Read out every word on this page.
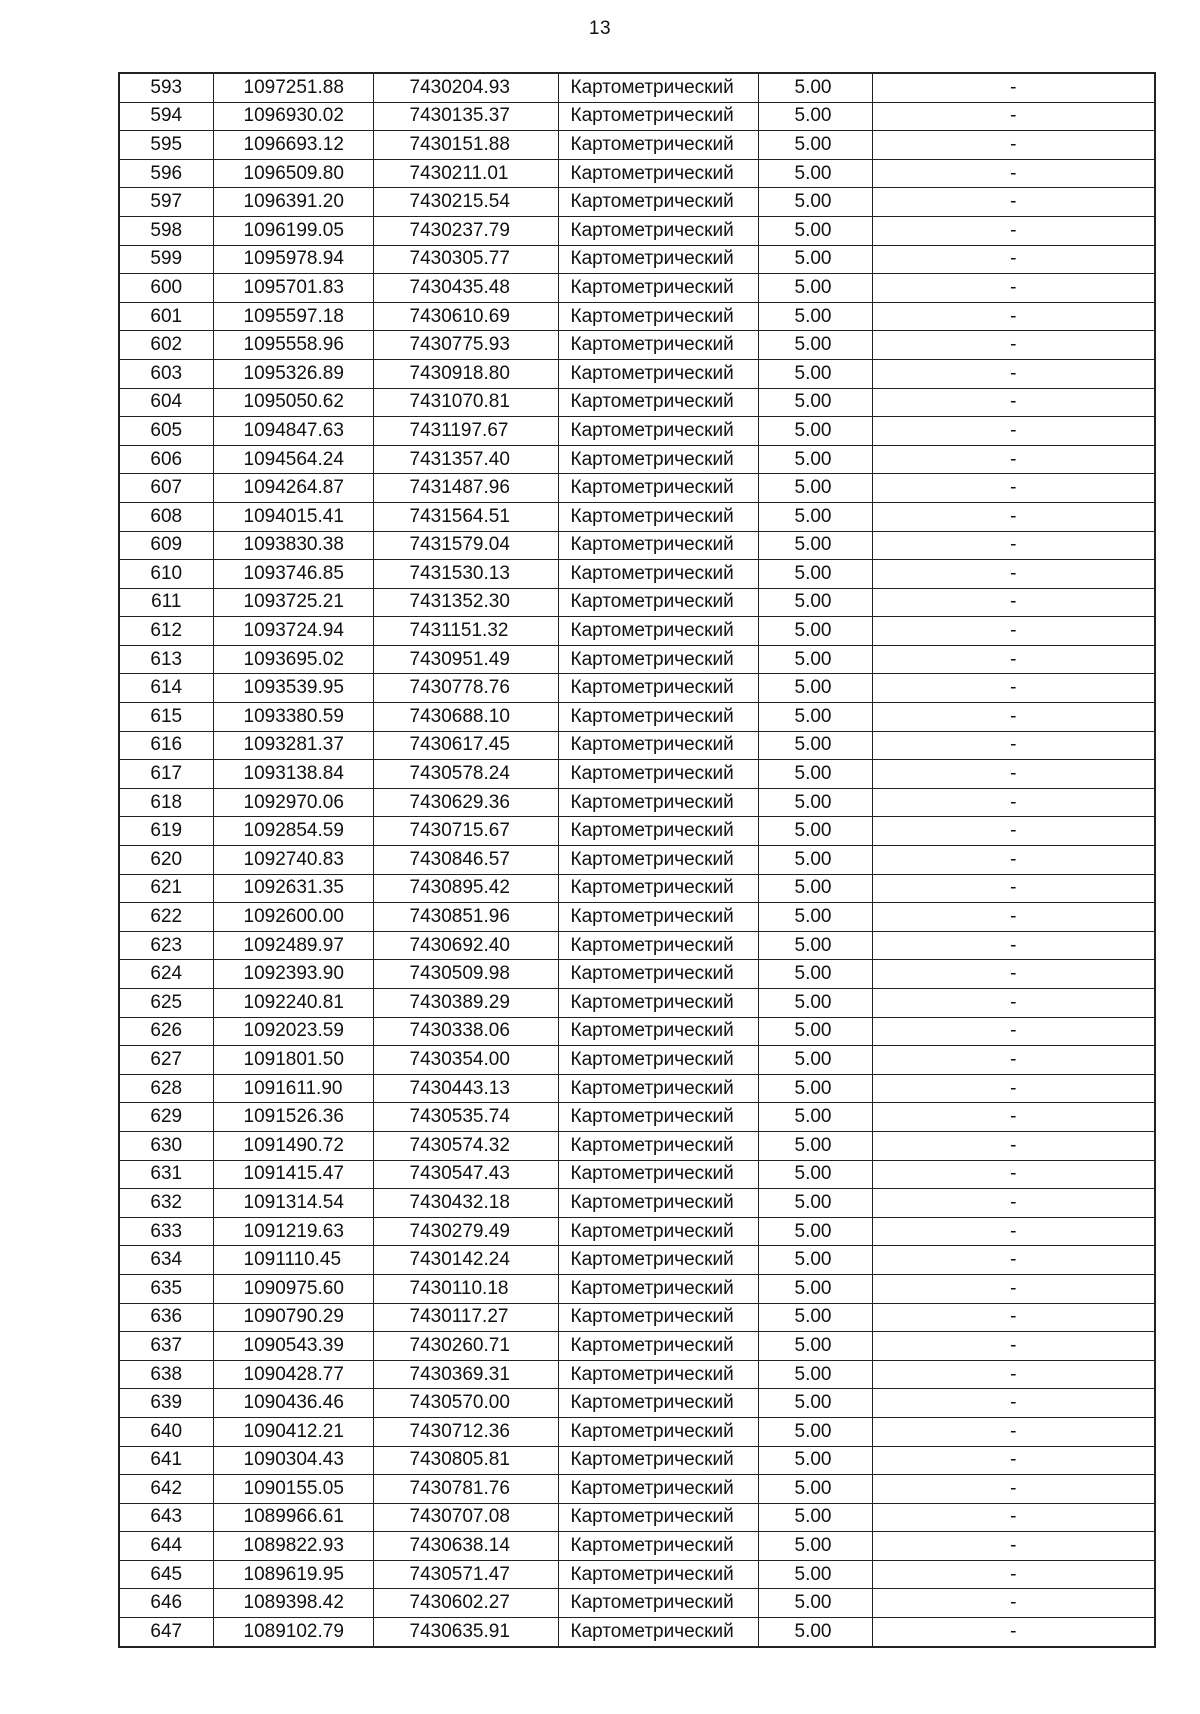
13
593	1097251.88	7430204.93	Картометрический	5.00	-
594	1096930.02	7430135.37	Картометрический	5.00	-
595	1096693.12	7430151.88	Картометрический	5.00	-
596	1096509.80	7430211.01	Картометрический	5.00	-
597	1096391.20	7430215.54	Картометрический	5.00	-
598	1096199.05	7430237.79	Картометрический	5.00	-
599	1095978.94	7430305.77	Картометрический	5.00	-
600	1095701.83	7430435.48	Картометрический	5.00	-
601	1095597.18	7430610.69	Картометрический	5.00	-
602	1095558.96	7430775.93	Картометрический	5.00	-
603	1095326.89	7430918.80	Картометрический	5.00	-
604	1095050.62	7431070.81	Картометрический	5.00	-
605	1094847.63	7431197.67	Картометрический	5.00	-
606	1094564.24	7431357.40	Картометрический	5.00	-
607	1094264.87	7431487.96	Картометрический	5.00	-
608	1094015.41	7431564.51	Картометрический	5.00	-
609	1093830.38	7431579.04	Картометрический	5.00	-
610	1093746.85	7431530.13	Картометрический	5.00	-
611	1093725.21	7431352.30	Картометрический	5.00	-
612	1093724.94	7431151.32	Картометрический	5.00	-
613	1093695.02	7430951.49	Картометрический	5.00	-
614	1093539.95	7430778.76	Картометрический	5.00	-
615	1093380.59	7430688.10	Картометрический	5.00	-
616	1093281.37	7430617.45	Картометрический	5.00	-
617	1093138.84	7430578.24	Картометрический	5.00	-
618	1092970.06	7430629.36	Картометрический	5.00	-
619	1092854.59	7430715.67	Картометрический	5.00	-
620	1092740.83	7430846.57	Картометрический	5.00	-
621	1092631.35	7430895.42	Картометрический	5.00	-
622	1092600.00	7430851.96	Картометрический	5.00	-
623	1092489.97	7430692.40	Картометрический	5.00	-
624	1092393.90	7430509.98	Картометрический	5.00	-
625	1092240.81	7430389.29	Картометрический	5.00	-
626	1092023.59	7430338.06	Картометрический	5.00	-
627	1091801.50	7430354.00	Картометрический	5.00	-
628	1091611.90	7430443.13	Картометрический	5.00	-
629	1091526.36	7430535.74	Картометрический	5.00	-
630	1091490.72	7430574.32	Картометрический	5.00	-
631	1091415.47	7430547.43	Картометрический	5.00	-
632	1091314.54	7430432.18	Картометрический	5.00	-
633	1091219.63	7430279.49	Картометрический	5.00	-
634	1091110.45	7430142.24	Картометрический	5.00	-
635	1090975.60	7430110.18	Картометрический	5.00	-
636	1090790.29	7430117.27	Картометрический	5.00	-
637	1090543.39	7430260.71	Картометрический	5.00	-
638	1090428.77	7430369.31	Картометрический	5.00	-
639	1090436.46	7430570.00	Картометрический	5.00	-
640	1090412.21	7430712.36	Картометрический	5.00	-
641	1090304.43	7430805.81	Картометрический	5.00	-
642	1090155.05	7430781.76	Картометрический	5.00	-
643	1089966.61	7430707.08	Картометрический	5.00	-
644	1089822.93	7430638.14	Картометрический	5.00	-
645	1089619.95	7430571.47	Картометрический	5.00	-
646	1089398.42	7430602.27	Картометрический	5.00	-
647	1089102.79	7430635.91	Картометрический	5.00	-
